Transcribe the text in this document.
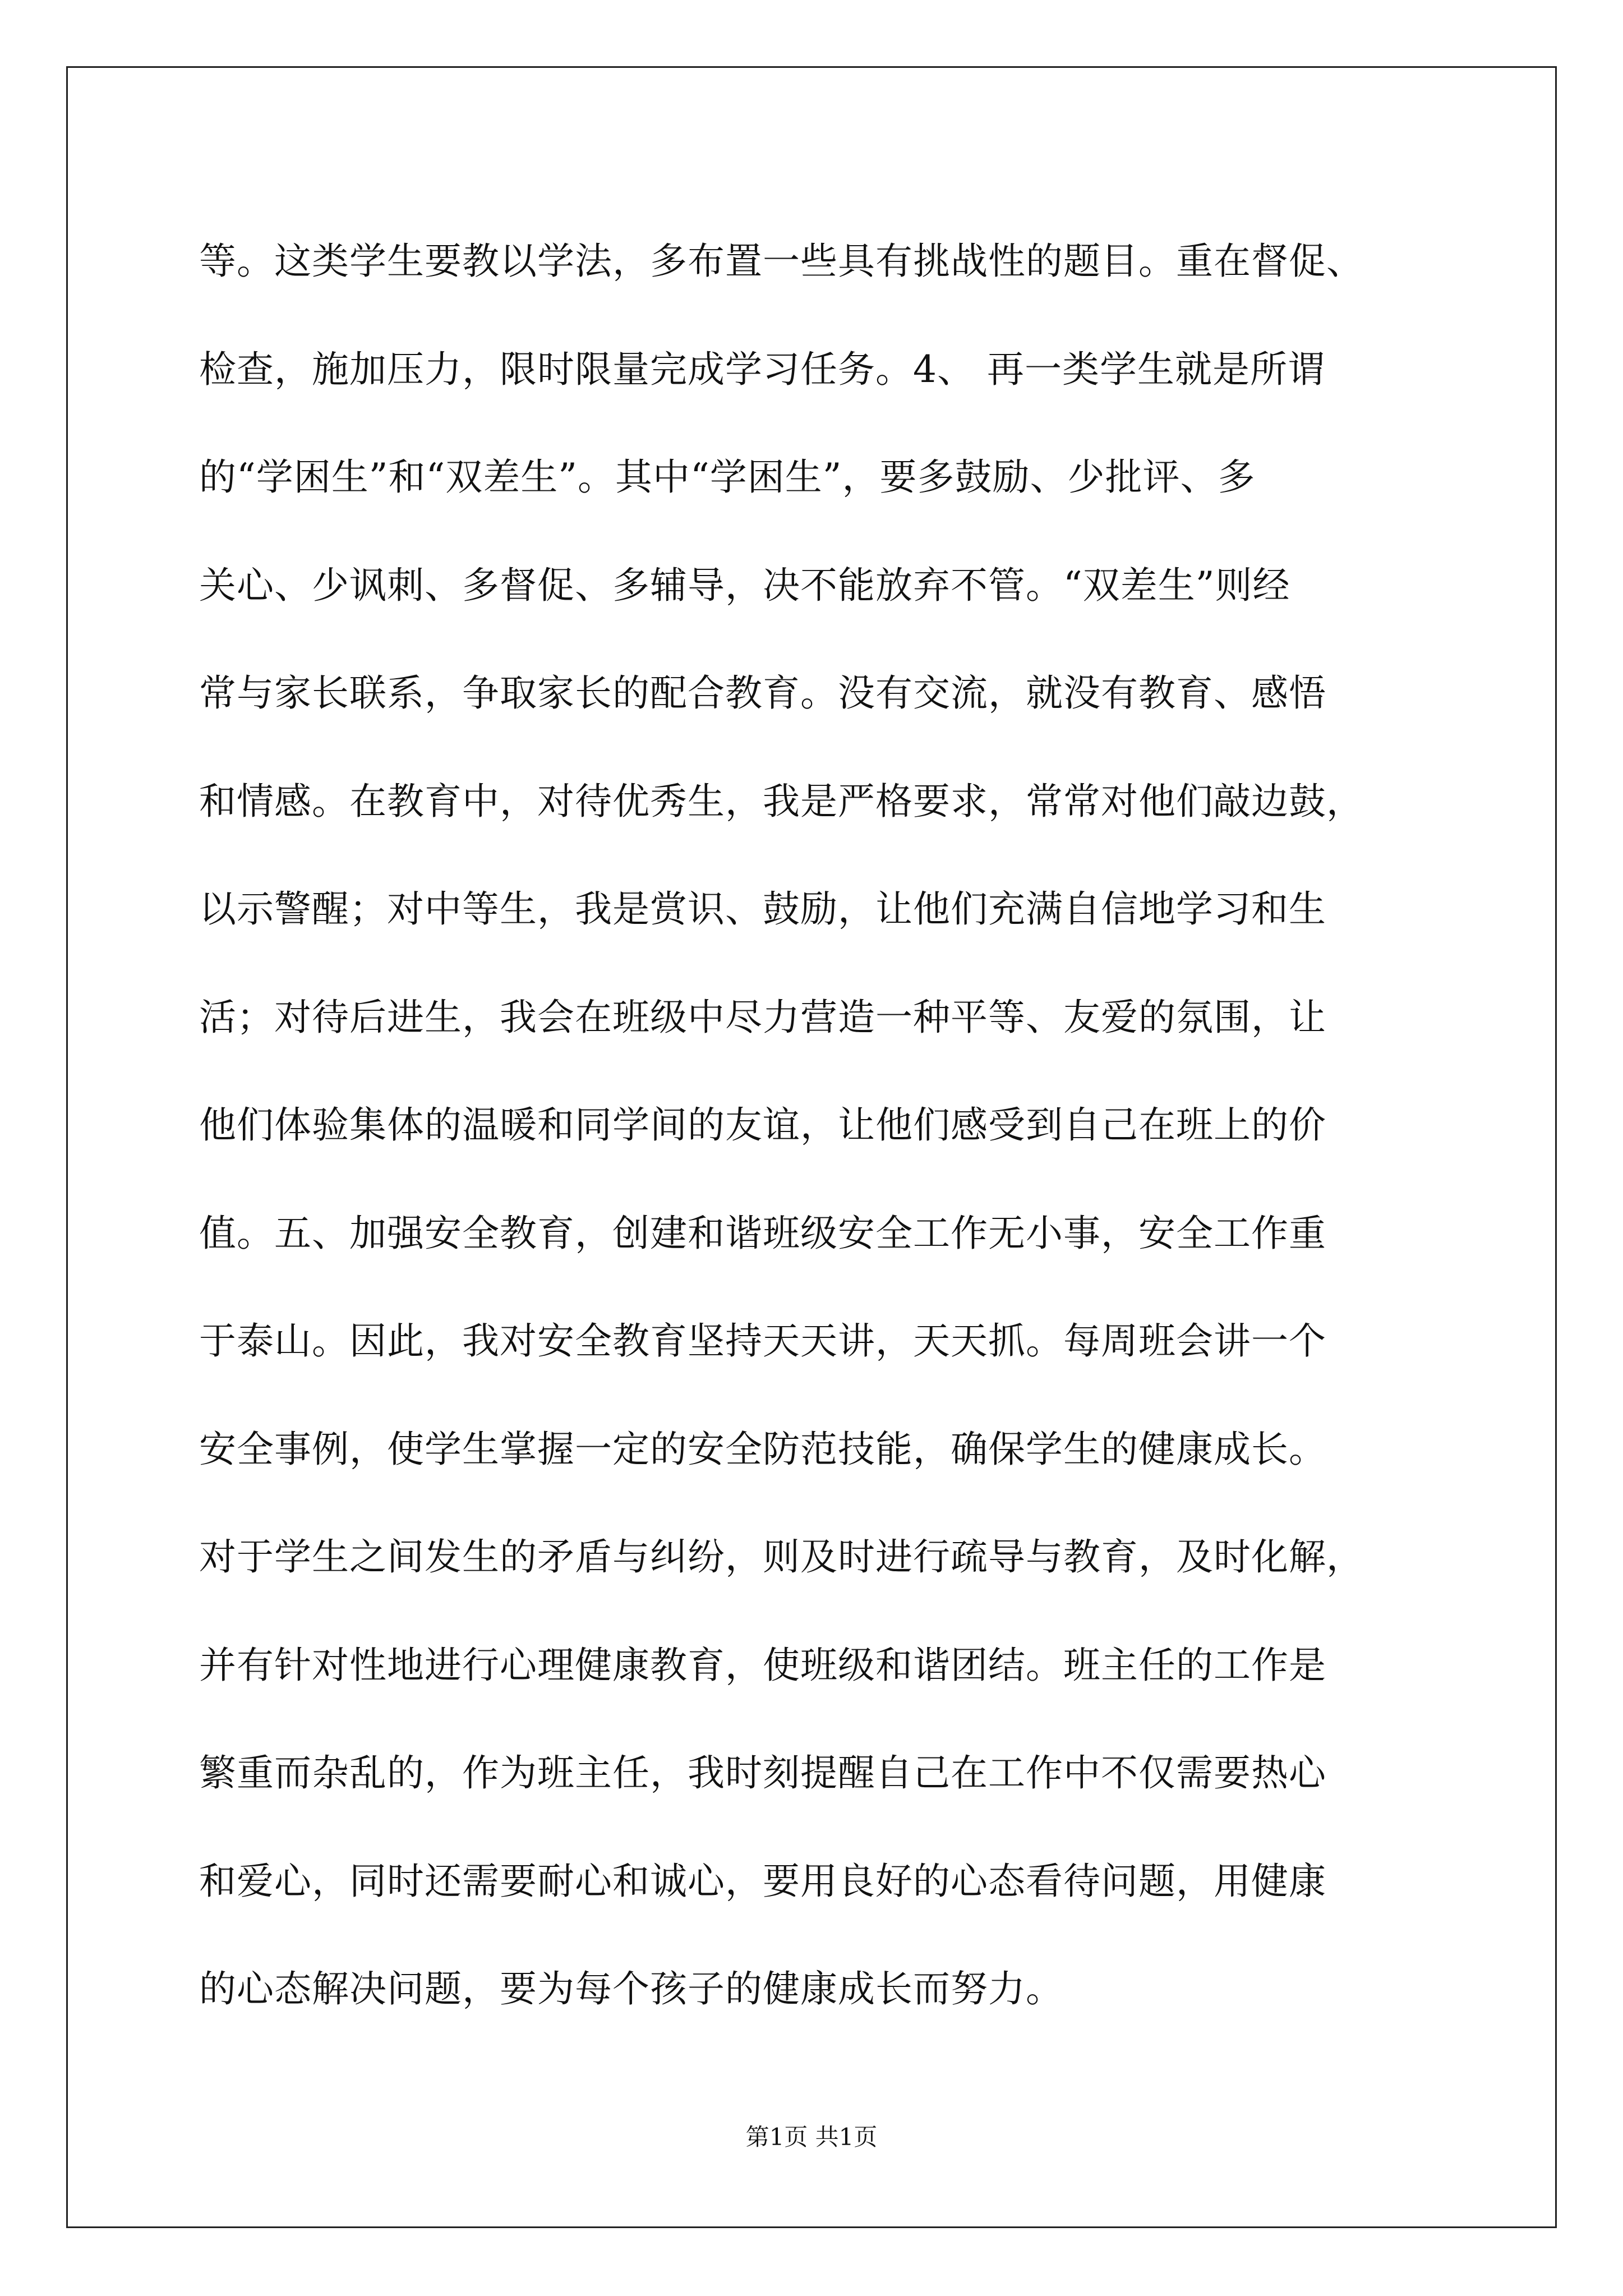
等。这类学生要教以学法，多布置一些具有挑战性的题目。重在督促、
检查，施加压力，限时限量完成学习任务。4、 再一类学生就是所谓
的“学困生”和“双差生”。其中“学困生”，要多鼓励、少批评、多
关心、少讽刺、多督促、多辅导，决不能放弃不管。“双差生”则经
常与家长联系，争取家长的配合教育。没有交流，就没有教育、感悟
和情感。在教育中，对待优秀生，我是严格要求，常常对他们敲边鼓，
以示警醒；对中等生，我是赏识、鼓励，让他们充满自信地学习和生
活；对待后进生，我会在班级中尽力营造一种平等、友爱的氛围，让
他们体验集体的温暖和同学间的友谊，让他们感受到自己在班上的价
值。五、加强安全教育，创建和谐班级安全工作无小事，安全工作重
于泰山。因此，我对安全教育坚持天天讲，天天抓。每周班会讲一个
安全事例，使学生掌握一定的安全防范技能，确保学生的健康成长。
对于学生之间发生的矛盾与纠纷，则及时进行疏导与教育，及时化解，
并有针对性地进行心理健康教育，使班级和谐团结。班主任的工作是
繁重而杂乱的，作为班主任，我时刻提醒自己在工作中不仅需要热心
和爱心，同时还需要耐心和诚心，要用良好的心态看待问题，用健康
的心态解决问题，要为每个孩子的健康成长而努力。
第1页 共1页
